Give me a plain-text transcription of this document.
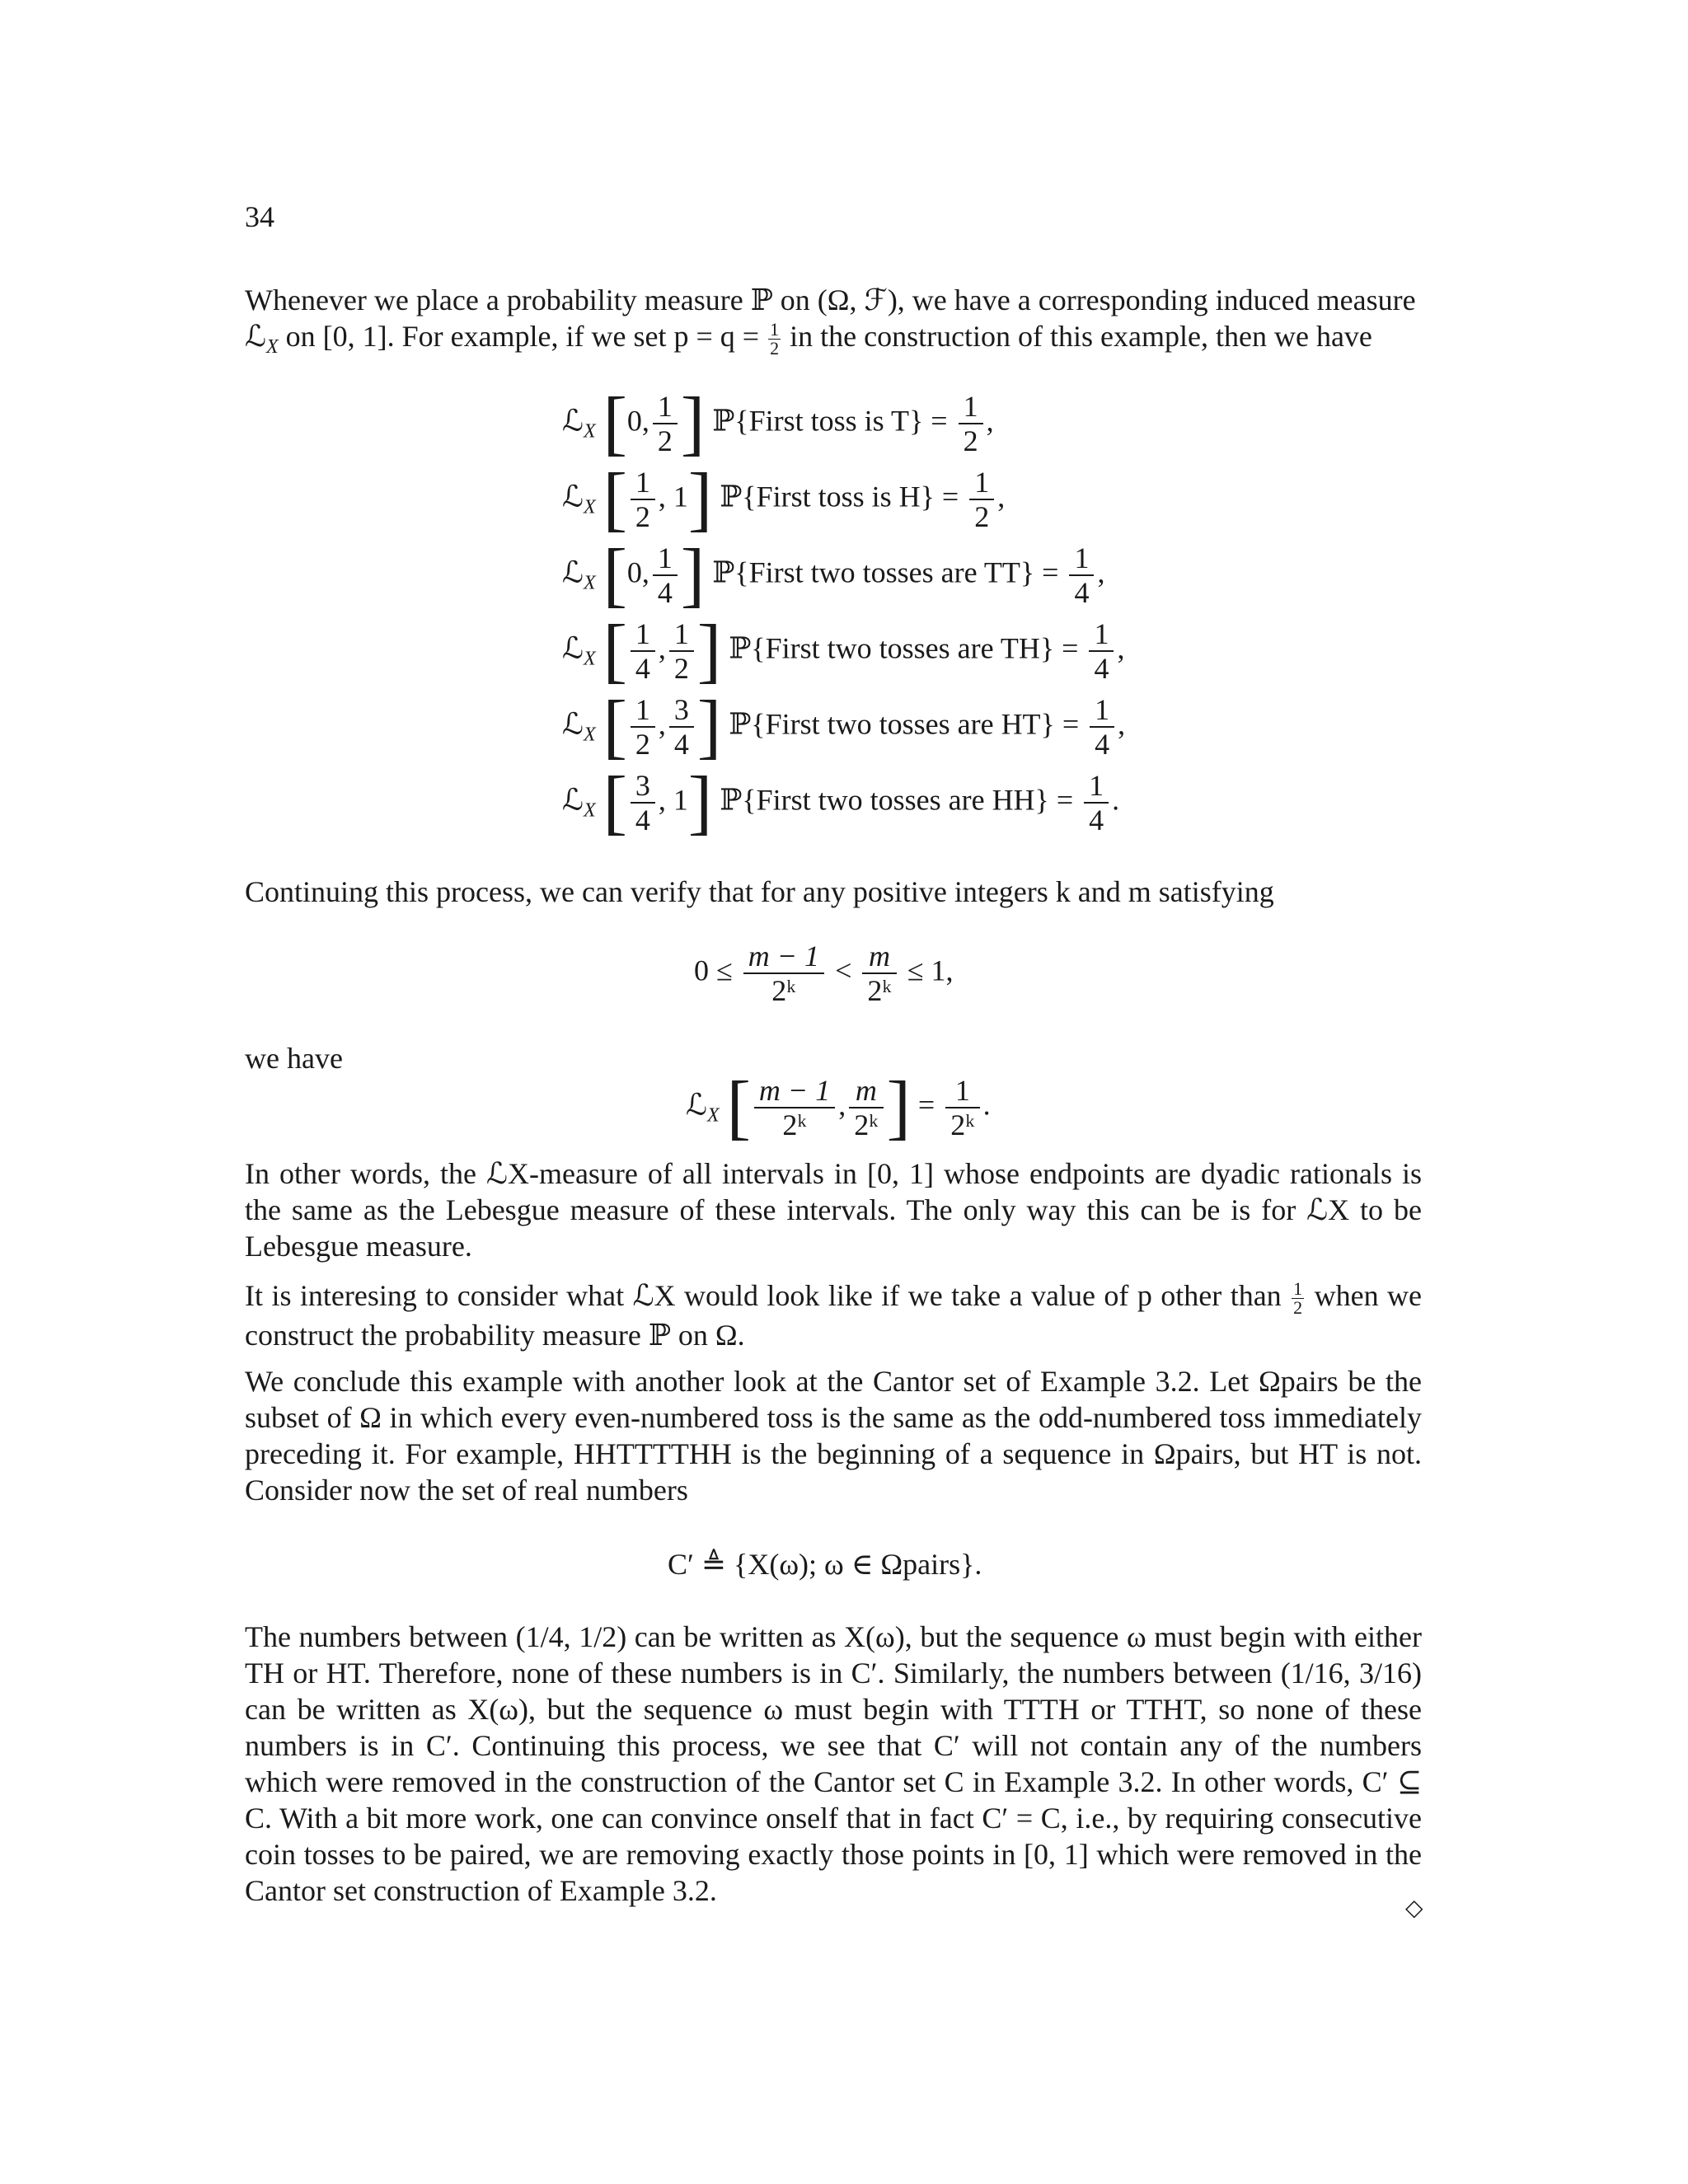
34
Whenever we place a probability measure ℙ on (Ω, ℱ), we have a corresponding induced measure
ℒ$_X$ on [0, 1]. For example, if we set $p = q = \frac{1}{2}$ in the construction of this example, then we have
ℒ$_X$ [0, $\frac{1}{2}$ ] ℙ{First toss is $T\} = \frac{1}{2}$ ,
ℒ$_X$ [ $\frac{1}{2}$ , 1] ℙ{First toss is $H\} = \frac{1}{2}$ ,
ℒ$_X$ [0, $\frac{1}{4}$ ] ℙ{First two tosses are $TT\} = \frac{1}{4}$ ,
ℒ$_X$ [ $\frac{1}{4}$ , $\frac{1}{2}$ ] ℙ{First two tosses are $TH\} = \frac{1}{4}$ ,
ℒ$_X$ [ $\frac{1}{2}$ , $\frac{3}{4}$ ] ℙ{First two tosses are $HT\} = \frac{1}{4}$ ,
ℒ$_X$ [ $\frac{3}{4}$ , 1] ℙ{First two tosses are $HH\} = \frac{1}{4}$ .
Continuing this process, we can verify that for any positive integers k and m satisfying
$0 \le \frac{m - 1}{\text{2ᵏ}} < \frac{m}{\text{2ᵏ}} \le 1$,
we have
ℒ$_X$ [ $\frac{m - 1}{\text{2ᵏ}}$ , $\frac{m}{\text{2ᵏ}}$ ] = $\frac{1}{\text{2ᵏ}}$ .
In other words, the ℒX-measure of all intervals in [0, 1] whose endpoints are dyadic rationals is the same as the Lebesgue measure of these intervals. The only way this can be is for ℒX to be Lebesgue measure.
It is interesing to consider what ℒX would look like if we take a value of p other than $\frac{1}{2}$ when we construct the probability measure ℙ on Ω.
We conclude this example with another look at the Cantor set of Example 3.2. Let Ωpairs be the subset of Ω in which every even-numbered toss is the same as the odd-numbered toss immediately preceding it. For example, HHTTTTHH is the beginning of a sequence in Ωpairs, but HT is not. Consider now the set of real numbers
C′ ≜ {X(ω); ω ∈ Ωpairs}.
The numbers between (1/4, 1/2) can be written as X(ω), but the sequence ω must begin with either TH or HT. Therefore, none of these numbers is in C′. Similarly, the numbers between (1/16, 3/16) can be written as X(ω), but the sequence ω must begin with TTTH or TTHT, so none of these numbers is in C′. Continuing this process, we see that C′ will not contain any of the numbers which were removed in the construction of the Cantor set C in Example 3.2. In other words, C′ ⊆ C. With a bit more work, one can convince onself that in fact C′ = C, i.e., by requiring consecutive coin tosses to be paired, we are removing exactly those points in [0, 1] which were removed in the Cantor set construction of Example 3.2.
◇
